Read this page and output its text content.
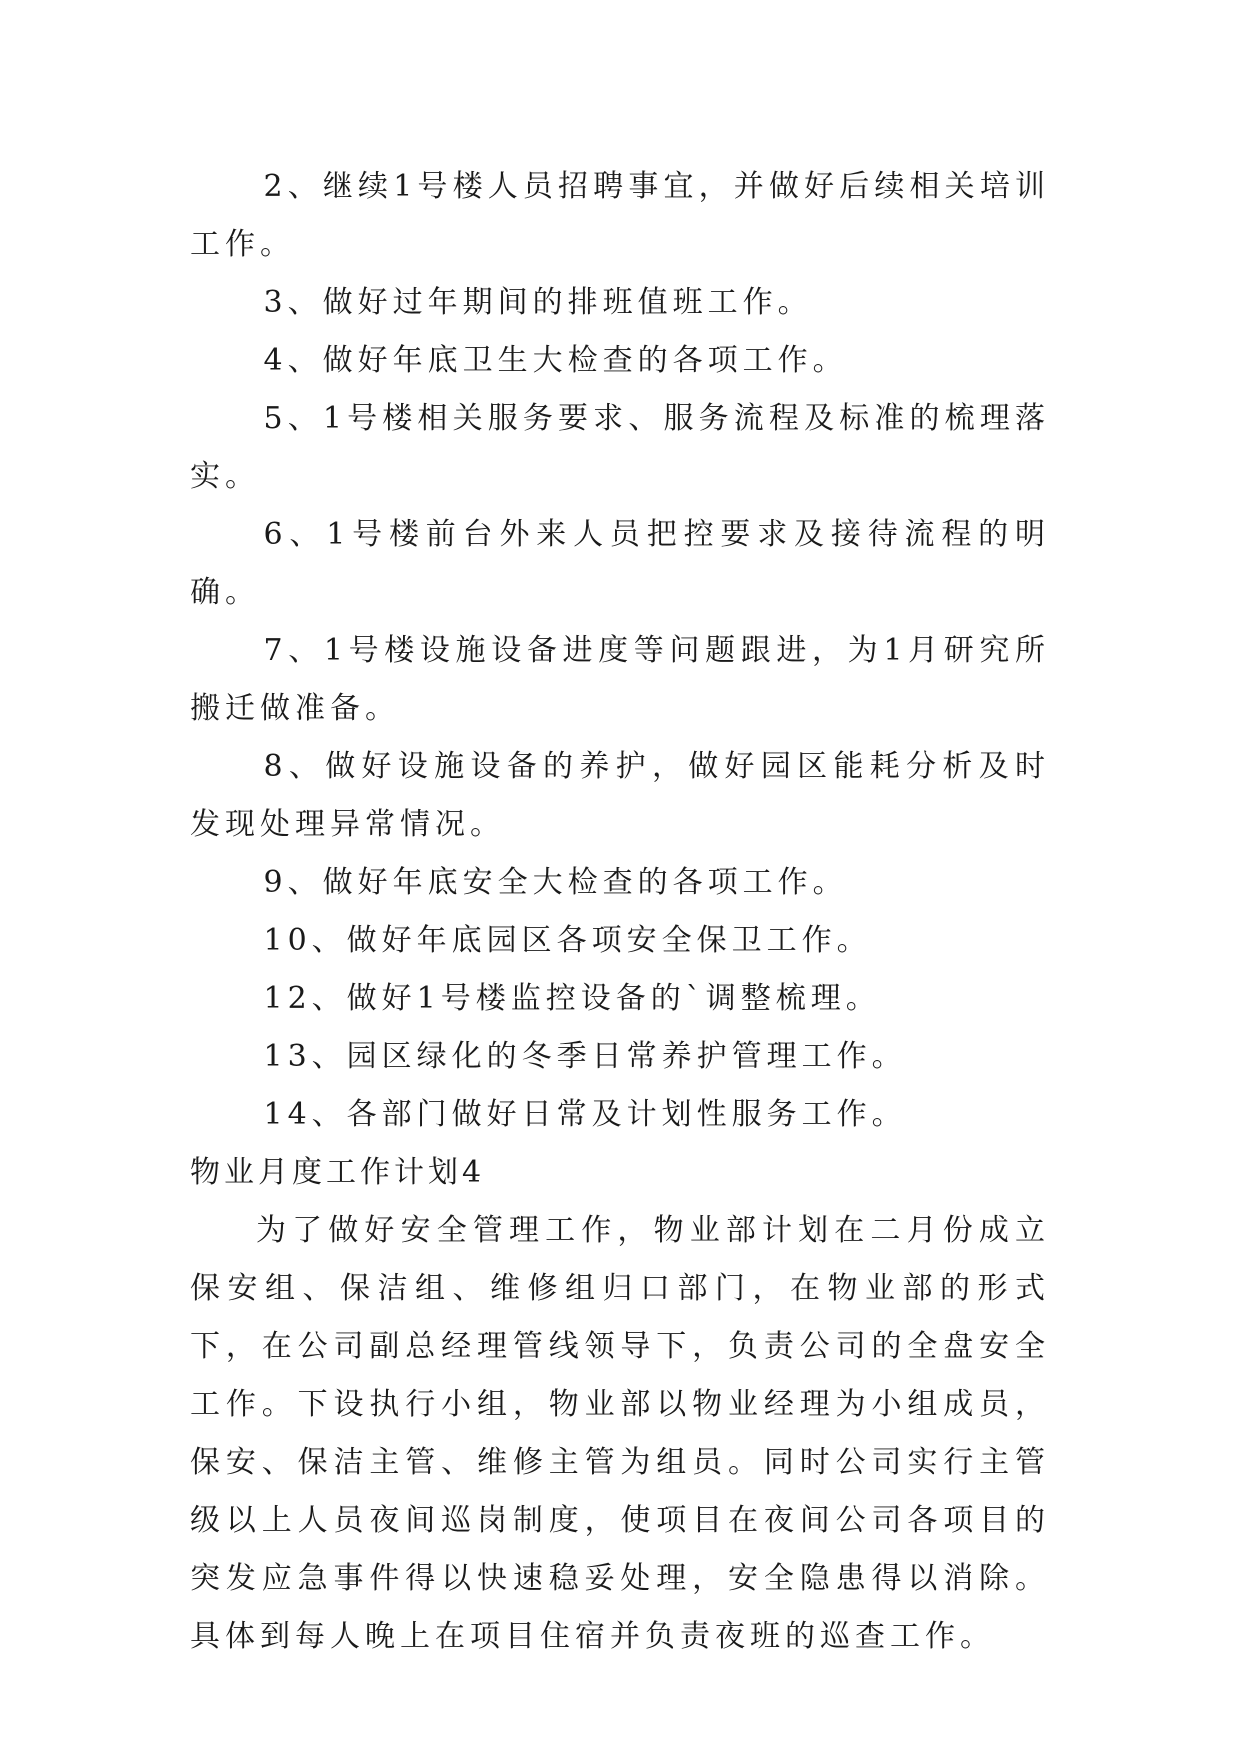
2、继续1号楼人员招聘事宜，并做好后续相关培训工作。

3、做好过年期间的排班值班工作。

4、做好年底卫生大检查的各项工作。

5、1号楼相关服务要求、服务流程及标准的梳理落实。

6、1号楼前台外来人员把控要求及接待流程的明确。

7、1号楼设施设备进度等问题跟进，为1月研究所搬迁做准备。

8、做好设施设备的养护，做好园区能耗分析及时发现处理异常情况。

9、做好年底安全大检查的各项工作。

10、做好年底园区各项安全保卫工作。

12、做好1号楼监控设备的`调整梳理。

13、园区绿化的冬季日常养护管理工作。

14、各部门做好日常及计划性服务工作。

物业月度工作计划4

为了做好安全管理工作，物业部计划在二月份成立保安组、保洁组、维修组归口部门，在物业部的形式下，在公司副总经理管线领导下，负责公司的全盘安全工作。下设执行小组，物业部以物业经理为小组成员，保安、保洁主管、维修主管为组员。同时公司实行主管级以上人员夜间巡岗制度，使项目在夜间公司各项目的突发应急事件得以快速稳妥处理，安全隐患得以消除。具体到每人晚上在项目住宿并负责夜班的巡查工作。
